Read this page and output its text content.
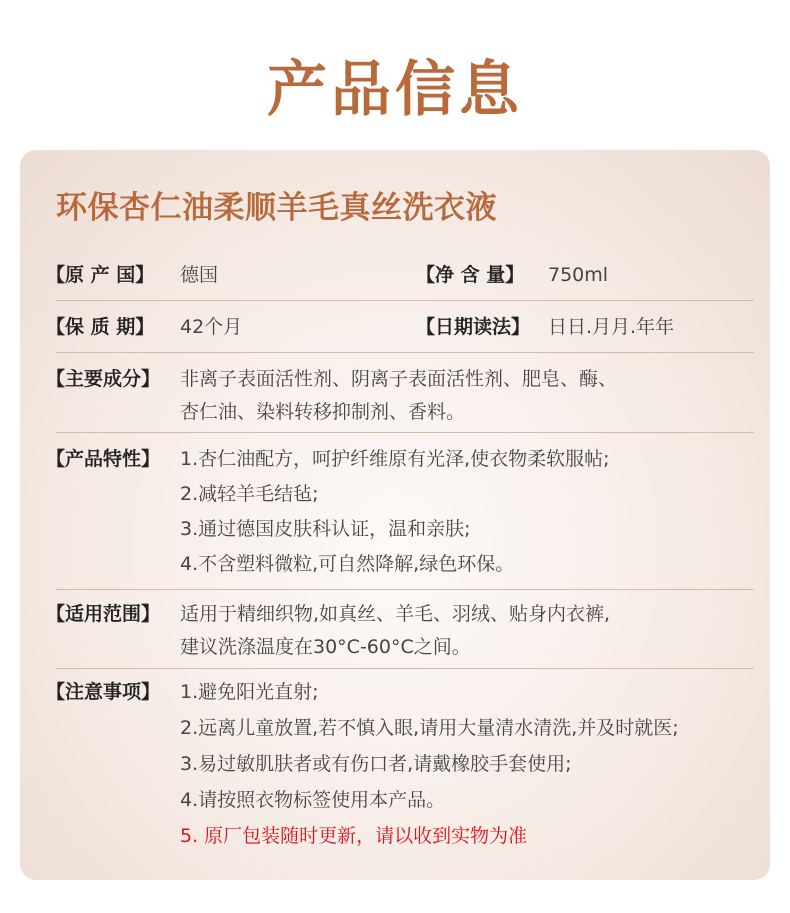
产品信息
环保杏仁油柔顺羊毛真丝洗衣液
【原 产 国】 德国	【净 含 量】 750ml
【保 质 期】 42个月	【日期读法】 日日.月月.年年
【主要成分】 非离子表面活性剂、阴离子表面活性剂、肥皂、酶、
杏仁油、染料转移抑制剂、香料。
【产品特性】 1.杏仁油配方，呵护纤维原有光泽,使衣物柔软服帖;
2.减轻羊毛结毡;
3.通过德国皮肤科认证，温和亲肤;
4.不含塑料微粒,可自然降解,绿色环保。
【适用范围】 适用于精细织物,如真丝、羊毛、羽绒、贴身内衣裤,
建议洗涤温度在30°C-60°C之间。
【注意事项】 1.避免阳光直射;
2.远离儿童放置,若不慎入眼,请用大量清水清洗,并及时就医;
3.易过敏肌肤者或有伤口者,请戴橡胶手套使用;
4.请按照衣物标签使用本产品。
5. 原厂包装随时更新，请以收到实物为准
